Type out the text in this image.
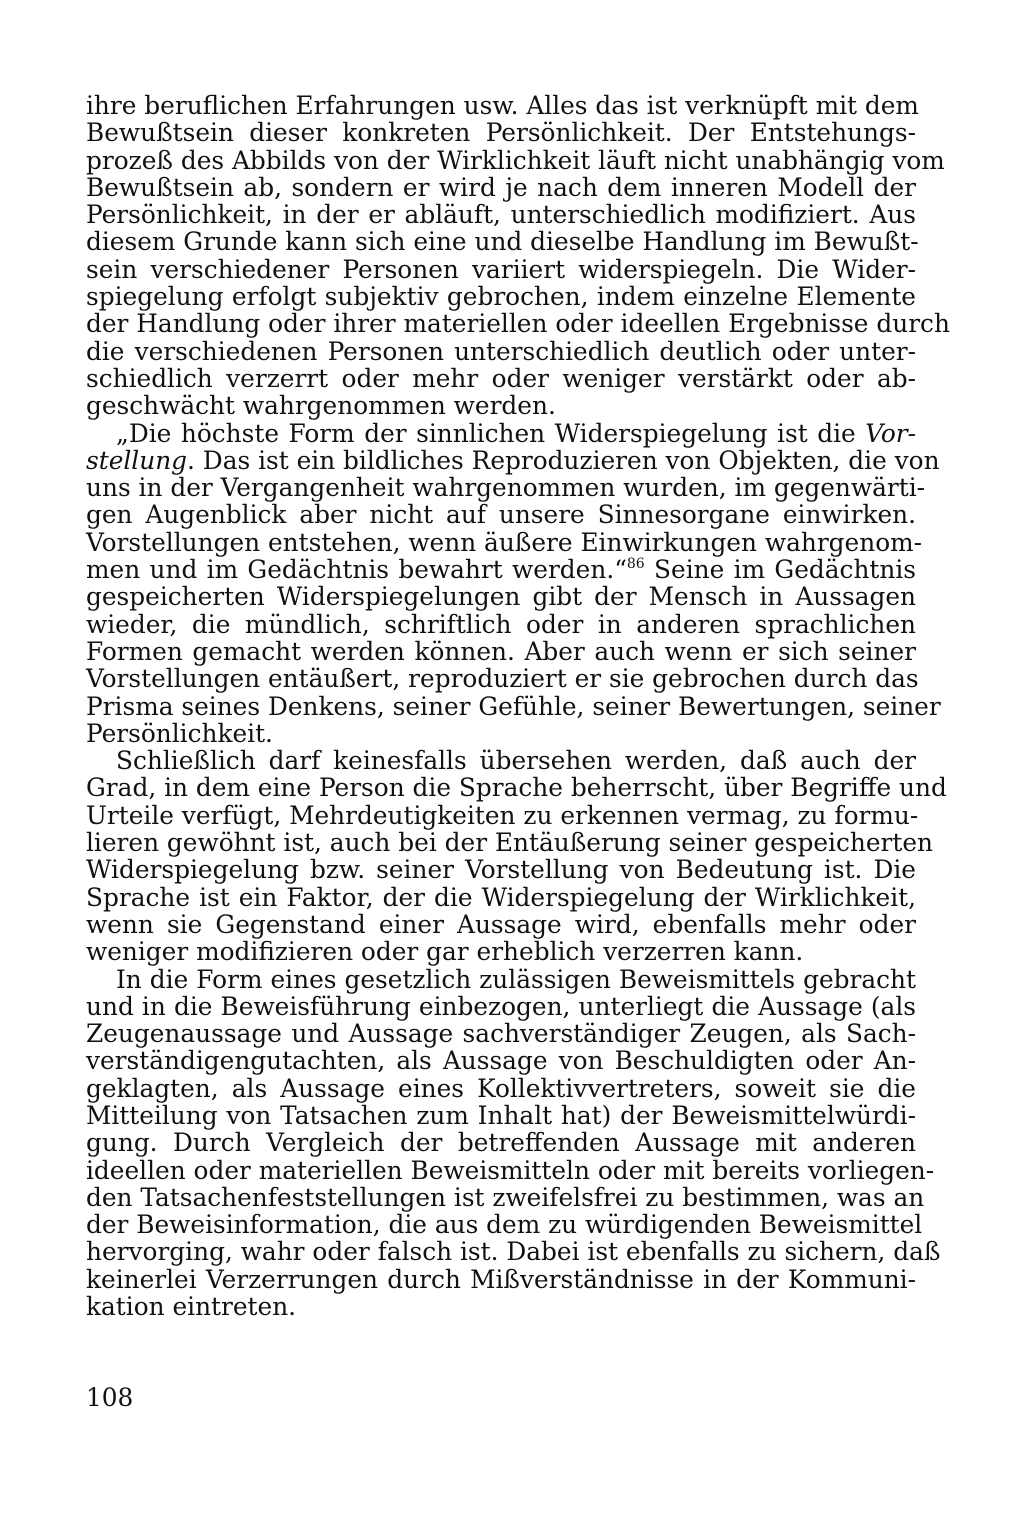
ihre beruflichen Erfahrungen usw. Alles das ist verknüpft mit dem
Bewußtsein dieser konkreten Persönlichkeit. Der Entstehungs-
prozeß des Abbilds von der Wirklichkeit läuft nicht unabhängig vom
Bewußtsein ab, sondern er wird je nach dem inneren Modell der
Persönlichkeit, in der er abläuft, unterschiedlich modifiziert. Aus
diesem Grunde kann sich eine und dieselbe Handlung im Bewußt-
sein verschiedener Personen variiert widerspiegeln. Die Wider-
spiegelung erfolgt subjektiv gebrochen, indem einzelne Elemente
der Handlung oder ihrer materiellen oder ideellen Ergebnisse durch
die verschiedenen Personen unterschiedlich deutlich oder unter-
schiedlich verzerrt oder mehr oder weniger verstärkt oder ab-
geschwächt wahrgenommen werden.
„Die höchste Form der sinnlichen Widerspiegelung ist die Vor-
stellung. Das ist ein bildliches Reproduzieren von Objekten, die von
uns in der Vergangenheit wahrgenommen wurden, im gegenwärti-
gen Augenblick aber nicht auf unsere Sinnesorgane einwirken.
Vorstellungen entstehen, wenn äußere Einwirkungen wahrgenom-
men und im Gedächtnis bewahrt werden.“$^{86}$ Seine im Gedächtnis
gespeicherten Widerspiegelungen gibt der Mensch in Aussagen
wieder, die mündlich, schriftlich oder in anderen sprachlichen
Formen gemacht werden können. Aber auch wenn er sich seiner
Vorstellungen entäußert, reproduziert er sie gebrochen durch das
Prisma seines Denkens, seiner Gefühle, seiner Bewertungen, seiner
Persönlichkeit.
Schließlich darf keinesfalls übersehen werden, daß auch der
Grad, in dem eine Person die Sprache beherrscht, über Begriffe und
Urteile verfügt, Mehrdeutigkeiten zu erkennen vermag, zu formu-
lieren gewöhnt ist, auch bei der Entäußerung seiner gespeicherten
Widerspiegelung bzw. seiner Vorstellung von Bedeutung ist. Die
Sprache ist ein Faktor, der die Widerspiegelung der Wirklichkeit,
wenn sie Gegenstand einer Aussage wird, ebenfalls mehr oder
weniger modifizieren oder gar erheblich verzerren kann.
In die Form eines gesetzlich zulässigen Beweismittels gebracht
und in die Beweisführung einbezogen, unterliegt die Aussage (als
Zeugenaussage und Aussage sachverständiger Zeugen, als Sach-
verständigengutachten, als Aussage von Beschuldigten oder An-
geklagten, als Aussage eines Kollektivvertreters, soweit sie die
Mitteilung von Tatsachen zum Inhalt hat) der Beweismittelwürdi-
gung. Durch Vergleich der betreffenden Aussage mit anderen
ideellen oder materiellen Beweismitteln oder mit bereits vorliegen-
den Tatsachenfeststellungen ist zweifelsfrei zu bestimmen, was an
der Beweisinformation, die aus dem zu würdigenden Beweismittel
hervorging, wahr oder falsch ist. Dabei ist ebenfalls zu sichern, daß
keinerlei Verzerrungen durch Mißverständnisse in der Kommuni-
kation eintreten.
108
